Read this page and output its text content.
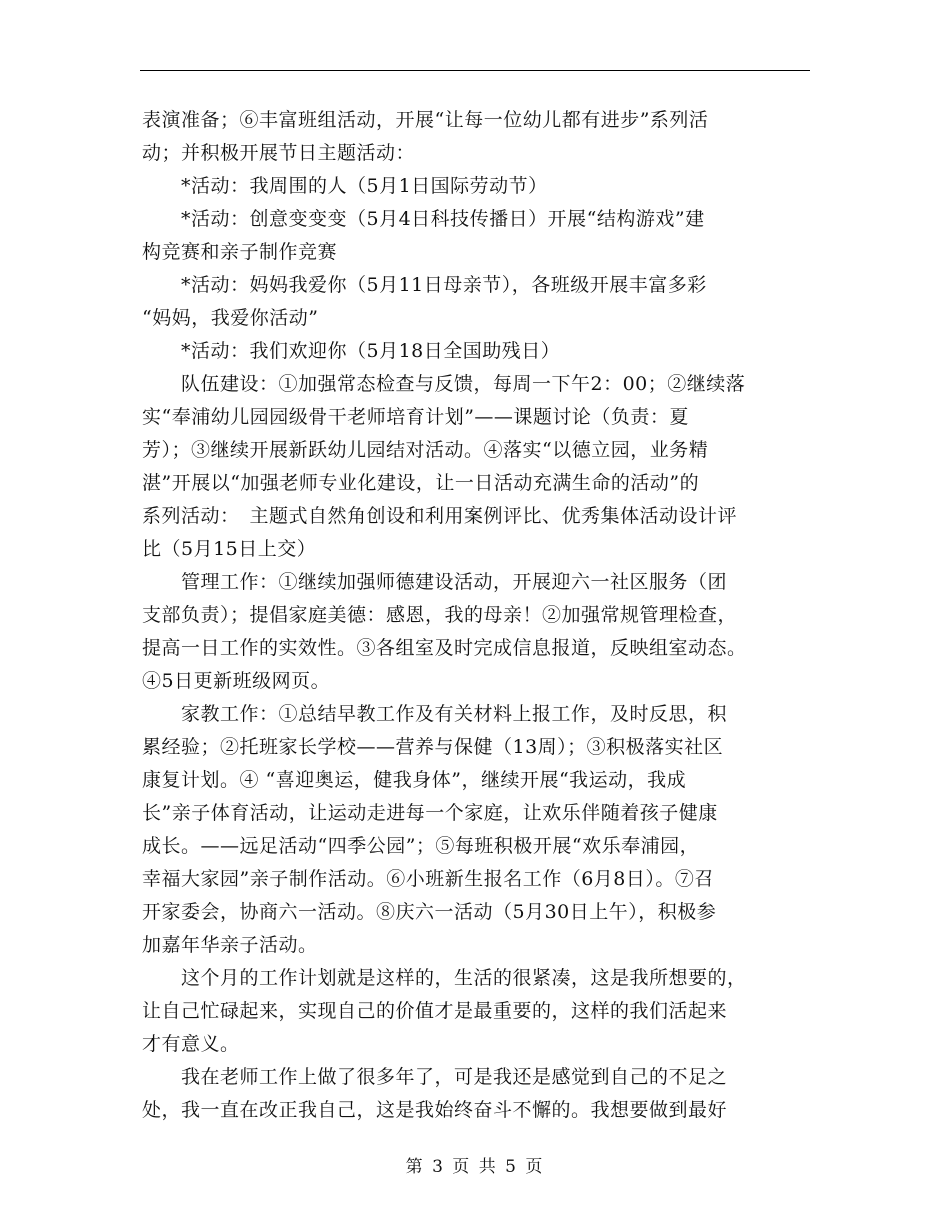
表演准备；⑥丰富班组活动，开展“让每一位幼儿都有进步”系列活
动；并积极开展节日主题活动：
　　*活动：我周围的人（5月1日国际劳动节）
　　*活动：创意变变变（5月4日科技传播日）开展“结构游戏”建
构竞赛和亲子制作竞赛
　　*活动：妈妈我爱你（5月11日母亲节），各班级开展丰富多彩
“妈妈，我爱你活动”
　　*活动：我们欢迎你（5月18日全国助残日）
　　队伍建设：①加强常态检查与反馈，每周一下午2：00；②继续落
实“奉浦幼儿园园级骨干老师培育计划”——课题讨论（负责：夏
芳）；③继续开展新跃幼儿园结对活动。④落实“以德立园，业务精
湛”开展以“加强老师专业化建设，让一日活动充满生命的活动”的
系列活动：　主题式自然角创设和利用案例评比、优秀集体活动设计评
比（5月15日上交）
　　管理工作：①继续加强师德建设活动，开展迎六一社区服务（团
支部负责）；提倡家庭美德：感恩，我的母亲！②加强常规管理检查，
提高一日工作的实效性。③各组室及时完成信息报道，反映组室动态。
④5日更新班级网页。
　　家教工作：①总结早教工作及有关材料上报工作，及时反思，积
累经验；②托班家长学校——营养与保健（13周）；③积极落实社区
康复计划。④ “喜迎奥运，健我身体”，继续开展“我运动，我成
长”亲子体育活动，让运动走进每一个家庭，让欢乐伴随着孩子健康
成长。——远足活动“四季公园”；⑤每班积极开展“欢乐奉浦园，
幸福大家园”亲子制作活动。⑥小班新生报名工作（6月8日）。⑦召
开家委会，协商六一活动。⑧庆六一活动（5月30日上午），积极参
加嘉年华亲子活动。
　　这个月的工作计划就是这样的，生活的很紧凑，这是我所想要的，
让自己忙碌起来，实现自己的价值才是最重要的，这样的我们活起来
才有意义。
　　我在老师工作上做了很多年了，可是我还是感觉到自己的不足之
处，我一直在改正我自己，这是我始终奋斗不懈的。我想要做到最好
第 3 页 共 5 页
